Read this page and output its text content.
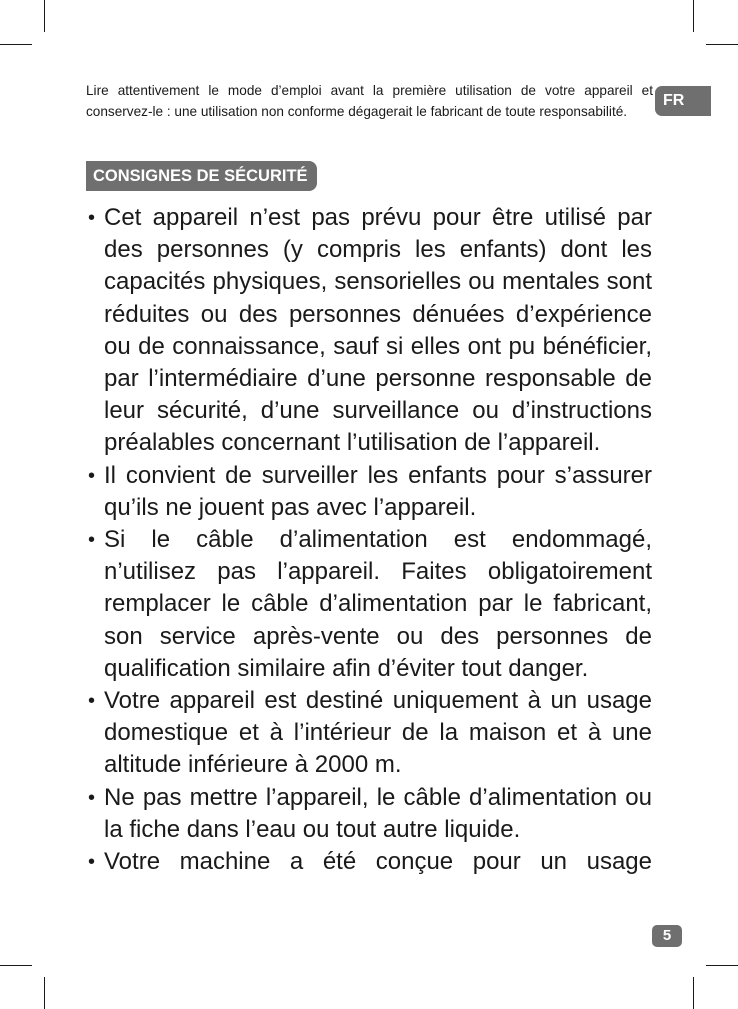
Lire attentivement le mode d’emploi avant la première utilisation de votre appareil et conservez-le : une utilisation non conforme dégagerait le fabricant de toute responsabilité.

FR
CONSIGNES DE SÉCURITÉ
• Cet appareil n’est pas prévu pour être utilisé par des personnes (y compris les enfants) dont les capacités physiques, sensorielles ou mentales sont réduites ou des personnes dénuées d’expérience ou de connaissance, sauf si elles ont pu bénéficier, par l’intermédiaire d’une personne responsable de leur sécurité, d’une surveillance ou d’instructions préalables concernant l’utilisation de l’appareil.
• Il convient de surveiller les enfants pour s’assurer qu’ils ne jouent pas avec l’appareil.
• Si le câble d’alimentation est endommagé, n’utilisez pas l’appareil. Faites obligatoirement remplacer le câble d’alimentation par le fabricant, son service après-vente ou des personnes de qualification similaire afin d’éviter tout danger.
• Votre appareil est destiné uniquement à un usage domestique et à l’intérieur de la maison et à une altitude inférieure à 2000 m.
• Ne pas mettre l’appareil, le câble d’alimentation ou la fiche dans l’eau ou tout autre liquide.
• Votre machine a été conçue pour un usage
5
